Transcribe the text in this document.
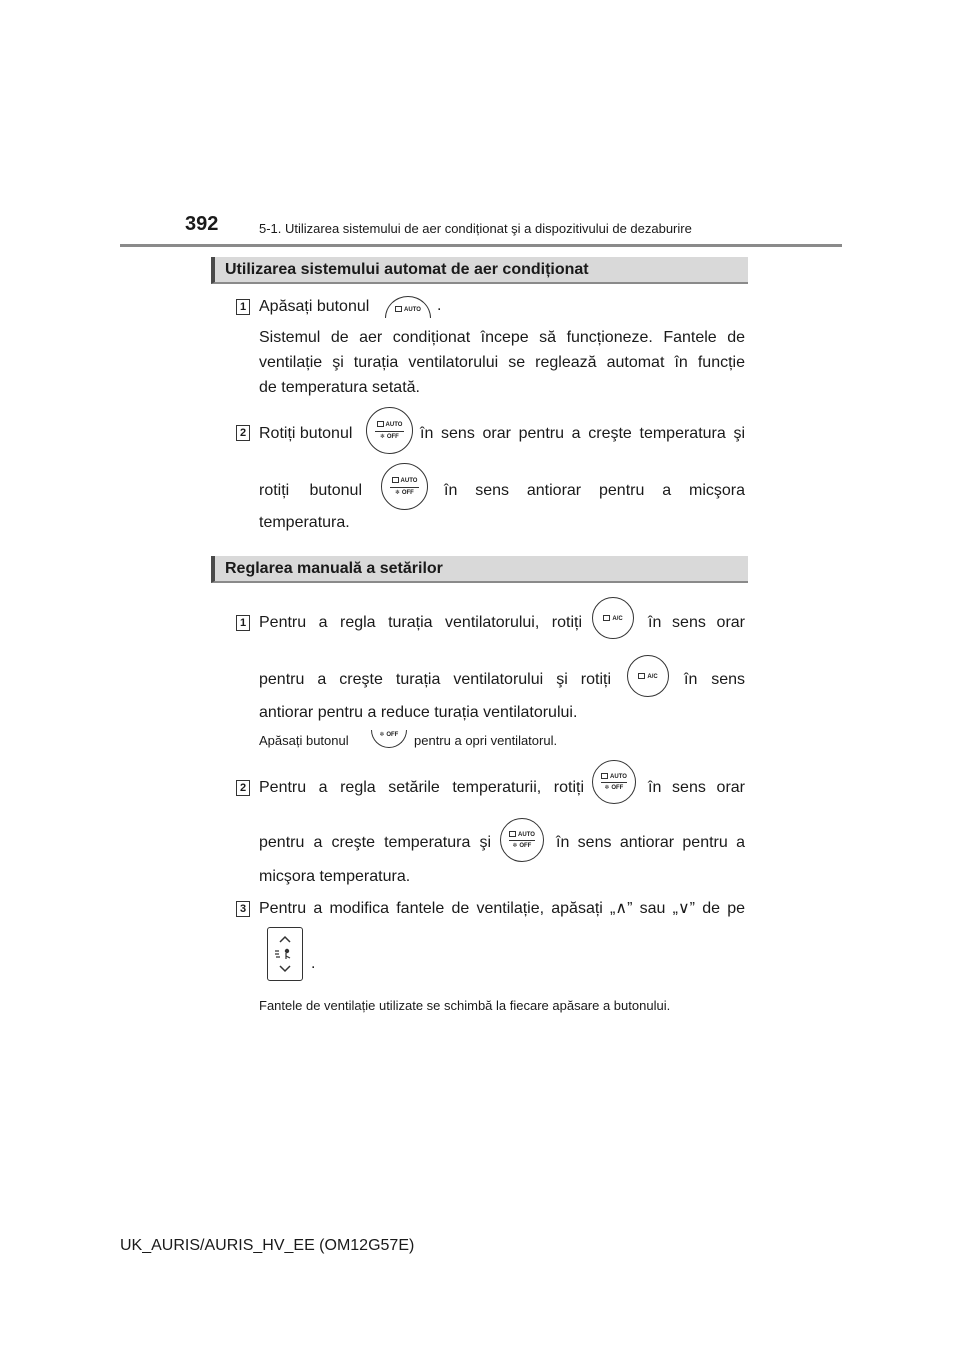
392	5-1. Utilizarea sistemului de aer condiționat şi a dispozitivului de dezaburire
Utilizarea sistemului automat de aer condiționat
1 Apăsați butonul	AUTO	.
Sistemul de aer condiționat începe să funcționeze. Fantele de
ventilație şi turația ventilatorului se reglează automat în funcție
de temperatura setată.
2 Rotiți butonul	AUTO
❄ OFF	în sens orar pentru a creşte temperatura şi
rotiți butonul
AUTO
❄ OFF	în sens antiorar pentru a micşora
temperatura.
Reglarea manuală a setărilor
1 Pentru a regla turația ventilatorului, rotiți	A/C	în sens orar
pentru a creşte turația ventilatorului şi rotiți	A/C	în sens
antiorar pentru a reduce turația ventilatorului.
Apăsați butonul	❄ OFF	pentru a opri ventilatorul.
2 Pentru a regla setările temperaturii, rotiți
AUTO
❄ OFF	în sens orar
pentru a creşte temperatura şi	AUTO
❄ OFF	în sens antiorar pentru a
micşora temperatura.
3 Pentru a modifica fantele de ventilație, apăsați „∧” sau „∨” de pe
.
Fantele de ventilație utilizate se schimbă la fiecare apăsare a butonului.
UK_AURIS/AURIS_HV_EE (OM12G57E)
